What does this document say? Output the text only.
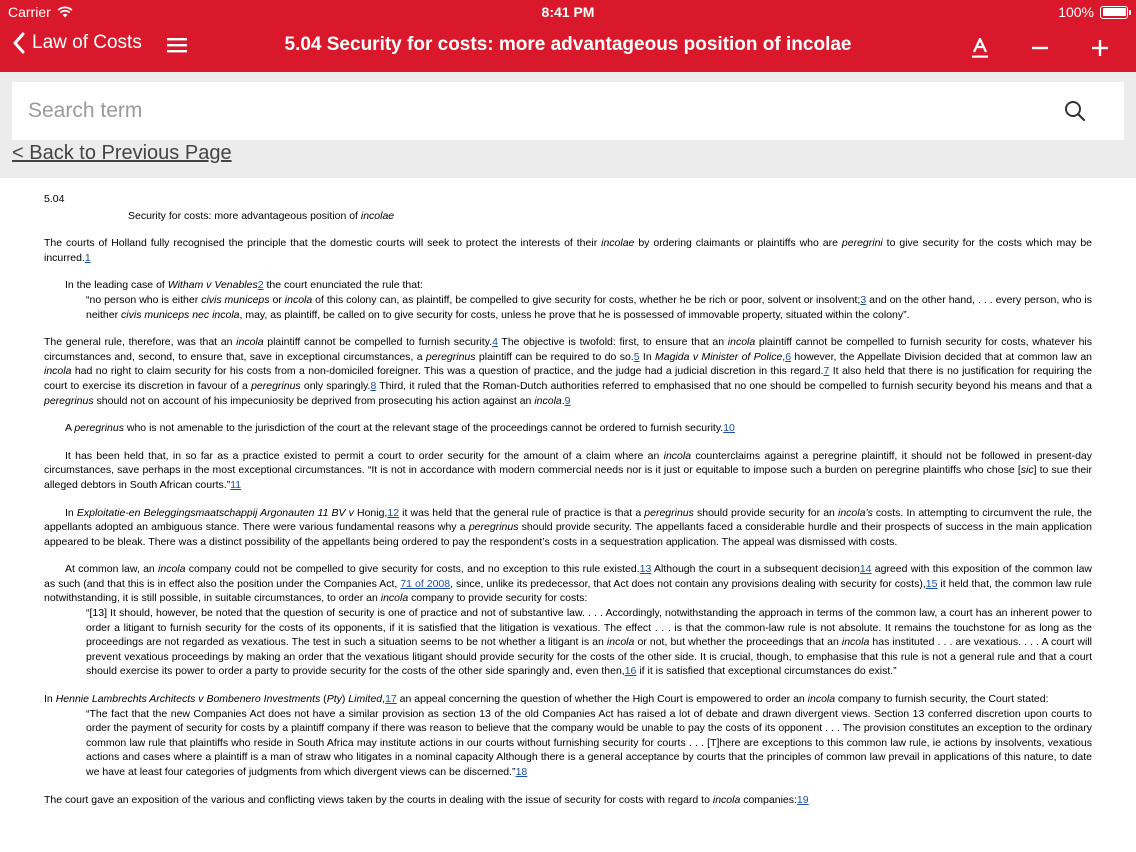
Carrier	8:41 PM	100%
Law of Costs	5.04 Security for costs: more advantageous position of incolae
Search term
< Back to Previous Page
5.04
Security for costs: more advantageous position of incolae

The courts of Holland fully recognised the principle that the domestic courts will seek to protect the interests of their incolae by ordering claimants or plaintiffs who are peregrini to give security for the costs which may be incurred.1

In the leading case of Witham v Venables2 the court enunciated the rule that:

“no person who is either civis municeps or incola of this colony can, as plaintiff, be compelled to give security for costs, whether he be rich or poor, solvent or insolvent;3 and on the other hand, . . . every person, who is neither civis municeps nec incola, may, as plaintiff, be called on to give security for costs, unless he prove that he is possessed of immovable property, situated within the colony”.

The general rule, therefore, was that an incola plaintiff cannot be compelled to furnish security.4 The objective is twofold: first, to ensure that an incola plaintiff cannot be compelled to furnish security for costs, whatever his circumstances and, second, to ensure that, save in exceptional circumstances, a peregrinus plaintiff can be required to do so.5 In Magida v Minister of Police,6 however, the Appellate Division decided that at common law an incola had no right to claim security for his costs from a non-domiciled foreigner. This was a question of practice, and the judge had a judicial discretion in this regard.7 It also held that there is no justification for requiring the court to exercise its discretion in favour of a peregrinus only sparingly.8 Third, it ruled that the Roman-Dutch authorities referred to emphasised that no one should be compelled to furnish security beyond his means and that a peregrinus should not on account of his impecuniosity be deprived from prosecuting his action against an incola.9

A peregrinus who is not amenable to the jurisdiction of the court at the relevant stage of the proceedings cannot be ordered to furnish security.10

It has been held that, in so far as a practice existed to permit a court to order security for the amount of a claim where an incola counterclaims against a peregrine plaintiff, it should not be followed in present-day circumstances, save perhaps in the most exceptional circumstances. “It is not in accordance with modern commercial needs nor is it just or equitable to impose such a burden on peregrine plaintiffs who chose [sic] to sue their alleged debtors in South African courts.”11

In Exploitatie-en Beleggingsmaatschappij Argonauten 11 BV v Honig,12 it was held that the general rule of practice is that a peregrinus should provide security for an incola’s costs. In attempting to circumvent the rule, the appellants adopted an ambiguous stance. There were various fundamental reasons why a peregrinus should provide security. The appellants faced a considerable hurdle and their prospects of success in the main application appeared to be bleak. There was a distinct possibility of the appellants being ordered to pay the respondent’s costs in a sequestration application. The appeal was dismissed with costs.

At common law, an incola company could not be compelled to give security for costs, and no exception to this rule existed.13 Although the court in a subsequent decision14 agreed with this exposition of the common law as such (and that this is in effect also the position under the Companies Act, 71 of 2008, since, unlike its predecessor, that Act does not contain any provisions dealing with security for costs),15 it held that, the common law rule notwithstanding, it is still possible, in suitable circumstances, to order an incola company to provide security for costs:

“[13] It should, however, be noted that the question of security is one of practice and not of substantive law. . . . Accordingly, notwithstanding the approach in terms of the common law, a court has an inherent power to order a litigant to furnish security for the costs of its opponents, if it is satisfied that the litigation is vexatious. The effect . . . is that the common-law rule is not absolute. It remains the touchstone for as long as the proceedings are not regarded as vexatious. The test in such a situation seems to be not whether a litigant is an incola or not, but whether the proceedings that an incola has instituted . . . are vexatious. . . . A court will prevent vexatious proceedings by making an order that the vexatious litigant should provide security for the costs of the other side. It is crucial, though, to emphasise that this rule is not a general rule and that a court should exercise its power to order a party to provide security for the costs of the other side sparingly and, even then,16 if it is satisfied that exceptional circumstances do exist.”

In Hennie Lambrechts Architects v Bombenero Investments (Pty) Limited,17 an appeal concerning the question of whether the High Court is empowered to order an incola company to furnish security, the Court stated:

“The fact that the new Companies Act does not have a similar provision as section 13 of the old Companies Act has raised a lot of debate and drawn divergent views. Section 13 conferred discretion upon courts to order the payment of security for costs by a plaintiff company if there was reason to believe that the company would be unable to pay the costs of its opponent . . . The provision constitutes an exception to the ordinary common law rule that plaintiffs who reside in South Africa may institute actions in our courts without furnishing security for courts . . . [T]here are exceptions to this common law rule, ie actions by insolvents, vexatious actions and cases where a plaintiff is a man of straw who litigates in a nominal capacity Although there is a general acceptance by courts that the principles of common law prevail in applications of this nature, to date we have at least four categories of judgments from which divergent views can be discerned.”18

The court gave an exposition of the various and conflicting views taken by the courts in dealing with the issue of security for costs with regard to incola companies:19
